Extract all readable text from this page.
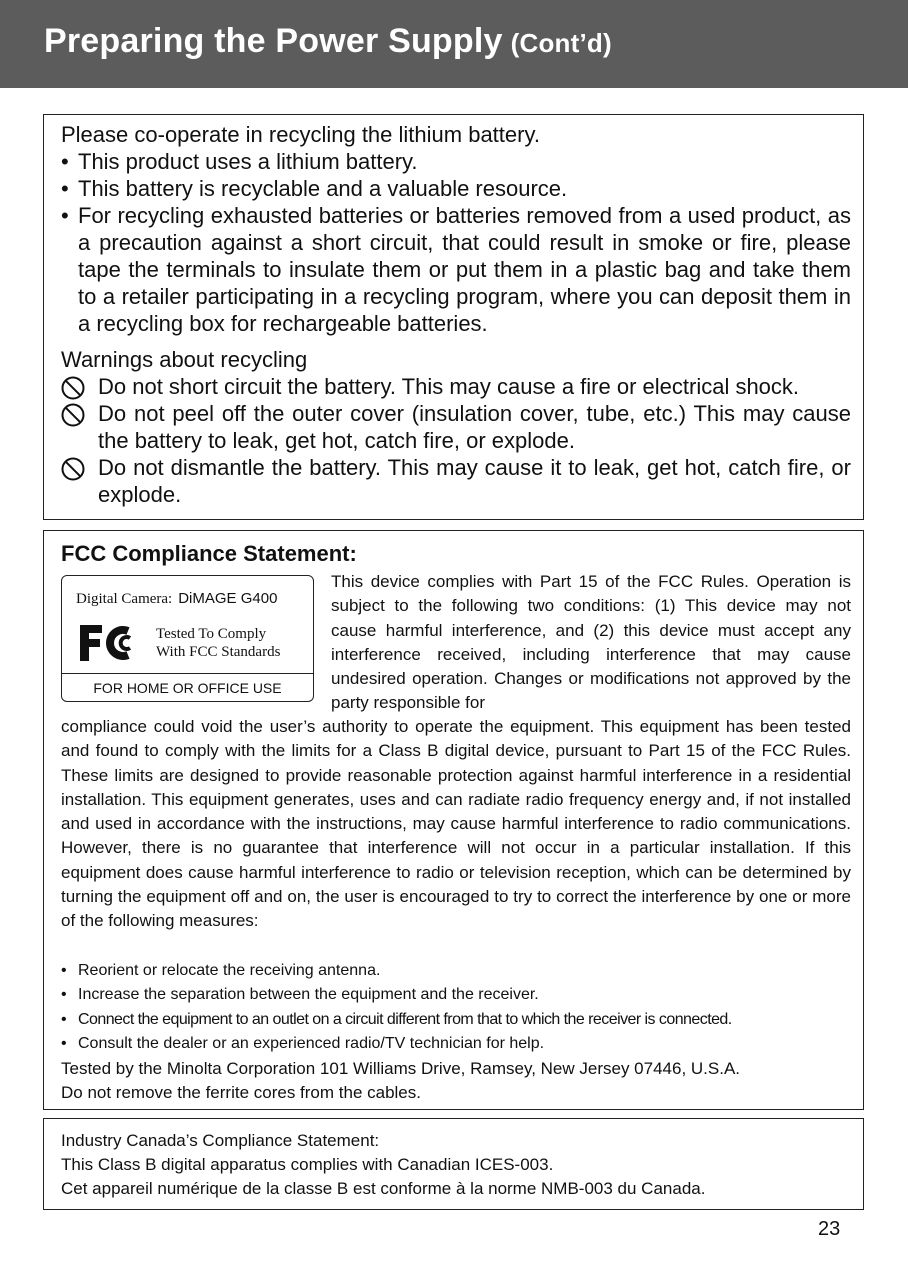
Preparing the Power Supply (Cont’d)
Please co-operate in recycling the lithium battery.
• This product uses a lithium battery.
• This battery is recyclable and a valuable resource.
• For recycling exhausted batteries or batteries removed from a used product, as a precaution against a short circuit, that could result in smoke or fire, please tape the terminals to insulate them or put them in a plastic bag and take them to a retailer participating in a recycling program, where you can deposit them in a recycling box for rechargeable batteries.
Warnings about recycling
Do not short circuit the battery. This may cause a fire or electrical shock.
Do not peel off the outer cover (insulation cover, tube, etc.) This may cause the battery to leak, get hot, catch fire, or explode.
Do not dismantle the battery. This may cause it to leak, get hot, catch fire, or explode.
FCC Compliance Statement:
Digital Camera: DiMAGE G400
Tested To Comply
With FCC Standards
FOR HOME OR OFFICE USE

This device complies with Part 15 of the FCC Rules. Operation is subject to the following two conditions: (1) This device may not cause harmful interference, and (2) this device must accept any interference received, including interference that may cause undesired operation. Changes or modifications not approved by the party responsible for

compliance could void the user’s authority to operate the equipment. This equipment has been tested and found to comply with the limits for a Class B digital device, pursuant to Part 15 of the FCC Rules. These limits are designed to provide reasonable protection against harmful interference in a residential installation. This equipment generates, uses and can radiate radio frequency energy and, if not installed and used in accordance with the instructions, may cause harmful interference to radio communications. However, there is no guarantee that interference will not occur in a particular installation. If this equipment does cause harmful interference to radio or television reception, which can be determined by turning the equipment off and on, the user is encouraged to try to correct the interference by one or more of the following measures:

• Reorient or relocate the receiving antenna.
• Increase the separation between the equipment and the receiver.
• Connect the equipment to an outlet on a circuit different from that to which the receiver is connected.
• Consult the dealer or an experienced radio/TV technician for help.
Tested by the Minolta Corporation 101 Williams Drive, Ramsey, New Jersey 07446, U.S.A.
Do not remove the ferrite cores from the cables.
Industry Canada’s Compliance Statement:
This Class B digital apparatus complies with Canadian ICES-003.
Cet appareil numérique de la classe B est conforme à la norme NMB-003 du Canada.
23
